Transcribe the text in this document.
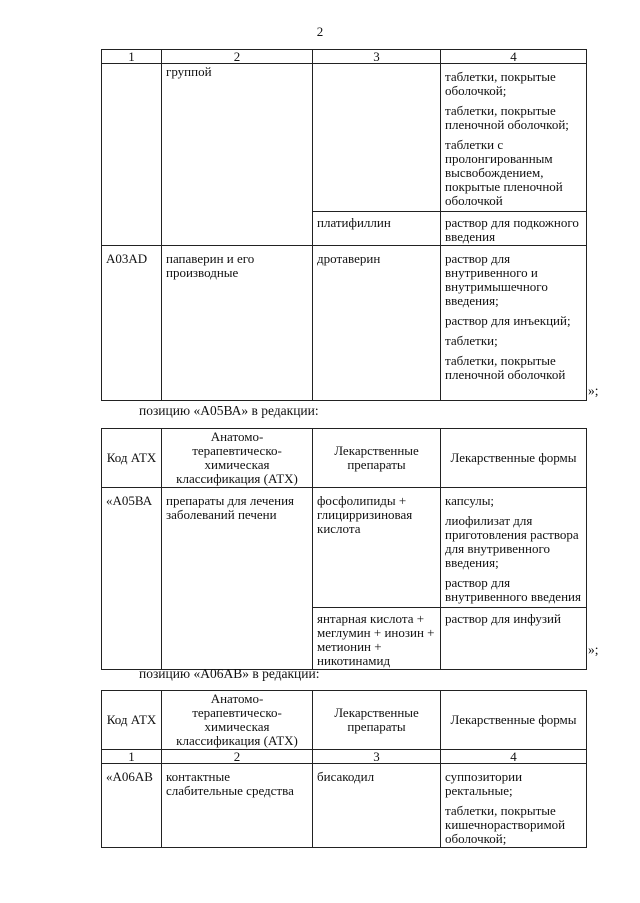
2
1	2	3	4
	группой		таблетки, покрытые оболочкой;
таблетки, покрытые пленочной оболочкой;
таблетки с пролонгированным высвобождением, покрытые пленочной оболочкой

		платифиллин	раствор для подкожного введения
A03AD	папаверин и его производные	дротаверин	раствор для внутривенного и внутримышечного введения;
раствор для инъекций;
таблетки;
таблетки, покрытые пленочной оболочкой
»;
позицию «А05ВА» в редакции:
Код АТХ	Анатомо-терапевтическо-химическая классификация (АТХ)	Лекарственные препараты	Лекарственные формы
«А05ВА	препараты для лечения заболеваний печени	фосфолипиды + глицирризиновая кислота	капсулы;
лиофилизат для приготовления раствора для внутривенного введения;
раствор для внутривенного введения

		янтарная кислота + меглумин + инозин + метионин + никотинамид	раствор для инфузий
»;
позицию «А06АВ» в редакции:
Код АТХ	Анатомо-терапевтическо-химическая классификация (АТХ)	Лекарственные препараты	Лекарственные формы
1	2	3	4
«А06АВ	контактные слабительные средства	бисакодил	суппозитории ректальные;
таблетки, покрытые кишечнорастворимой оболочкой;
